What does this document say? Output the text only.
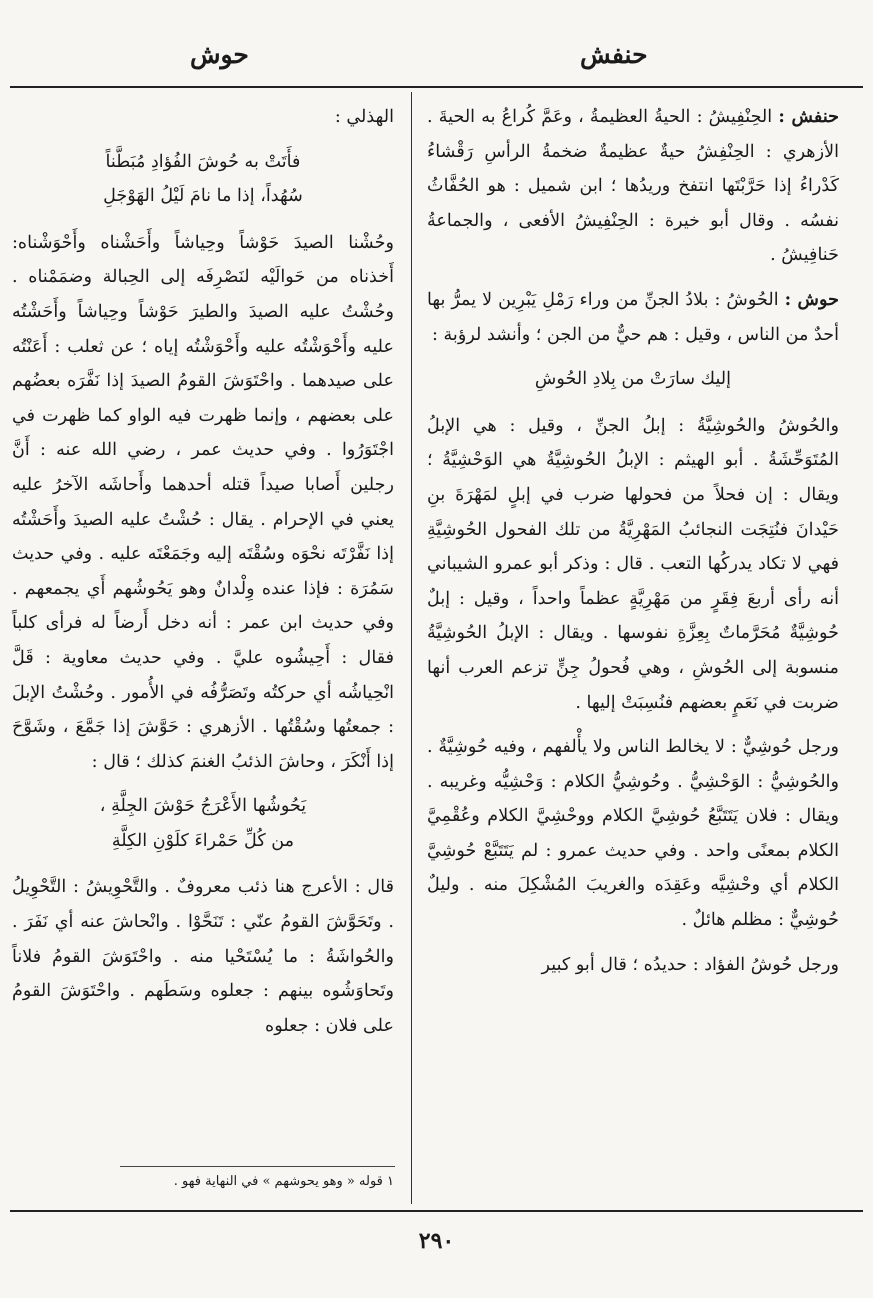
حنفش
حوش

حنفش : الحِنْفِيشُ : الحيةُ العظيمةُ ، وعَمَّ كُراعُ به الحيةَ . الأزهري : الحِنْفِشُ حيةٌ عظيمةٌ ضخمةُ الرأسِ رَقْشاءُ كَدْراءُ إذا حَرَّبْتَها انتفخ وريدُها ؛ ابن شميل : هو الحُفَّاثُ نفسُه . وقال أبو خيرة : الحِنْفِيشُ الأفعى ، والجماعةُ حَنافِيشُ .

حوش : الحُوشُ : بلادُ الجنِّ من وراء رَمْلِ يَبْرِين لا يمرُّ بها أحدٌ من الناس ، وقيل : هم حيٌّ من الجن ؛ وأنشد لرؤبة :

إليك سارَتْ من بِلادِ الحُوشِ

والحُوشُ والحُوشِيَّةُ : إبلُ الجنِّ ، وقيل : هي الإبلُ المُتَوَحِّشَةُ . أبو الهيثم : الإبلُ الحُوشِيَّةُ هي الوَحْشِيَّةُ ؛ ويقال : إن فحلاً من فحولها ضرب في إبلٍ لمَهْرَةَ بنِ حَيْدانَ فنُتِجَت النجائبُ المَهْرِيَّةُ من تلك الفحول الحُوشِيَّةِ فهي لا تكاد يدركُها التعب . قال : وذكر أبو عمرو الشيباني أنه رأى أربعَ فِقَرٍ من مَهْرِيَّةٍ عظماً واحداً ، وقيل : إبلٌ حُوشِيَّةٌ مُحَرَّماتٌ بِعِزَّةِ نفوسها . ويقال : الإبلُ الحُوشِيَّةُ منسوبة إلى الحُوشِ ، وهي فُحولُ جِنٍّ تزعم العرب أنها ضربت في نَعَمٍ بعضهم فنُسِبَتْ إليها .

ورجل حُوشِيٌّ : لا يخالط الناس ولا يأْلفهم ، وفيه حُوشِيَّةٌ . والحُوشِيُّ : الوَحْشِيُّ . وحُوشِيُّ الكلام : وَحْشِيُّه وغريبه . ويقال : فلان يَتَتَبَّعُ حُوشِيَّ الكلام ووحْشِيَّ الكلام وعُقْمِيَّ الكلام بمعنًى واحد . وفي حديث عمرو : لم يَتَتَبَّعْ حُوشِيَّ الكلام أي وحْشِيَّه وعَقِدَه والغريبَ المُشْكِلَ منه . وليلٌ حُوشِيٌّ : مظلم هائلٌ .

ورجل حُوشُ الفؤاد : حديدُه ؛ قال أبو كبير

الهذلي :

فأَتَتْ به حُوشَ الفُؤادِ مُبَطَّناً
سُهُداً، إذا ما نامَ لَيْلُ الهَوْجَلِ

وحُشْنا الصيدَ حَوْشاً وحِياشاً وأَحَشْناه وأَحْوَشْناه: أَخذناه من حَوالَيْه لنَصْرِفَه إلى الحِبالة وضمَمْناه . وحُشْتُ عليه الصيدَ والطيرَ حَوْشاً وحِياشاً وأَحَشْتُه عليه وأَحْوَشْتُه عليه وأَحْوَشْتُه إياه ؛ عن ثعلب : أَعَنْتُه على صيدهما . واحْتَوَشَ القومُ الصيدَ إذا نَفَّرَه بعضُهم على بعضهم ، وإنما ظهرت فيه الواو كما ظهرت في اجْتَوَرُوا . وفي حديث عمر ، رضي الله عنه : أَنَّ رجلين أَصابا صيداً قتله أحدهما وأَحاشَه الآخرُ عليه يعني في الإحرام . يقال : حُشْتُ عليه الصيدَ وأَحَشْتُه إذا نَفَّرْتَه نحْوَه وسُقْتَه إليه وجَمَعْتَه عليه . وفي حديث سَمُرَة : فإذا عنده وِلْدانٌ وهو يَحُوشُهم أَي يجمعهم . وفي حديث ابن عمر : أنه دخل أَرضاً له فرأى كلباً فقال : أَحِيشُوه عليَّ . وفي حديث معاوية : قَلَّ انْحِياشُه أي حركتُه وتَصَرُّفُه في الأُمور . وحُشْتُ الإبلَ : جمعتُها وسُقْتُها . الأزهري : حَوَّشَ إذا جَمَّعَ ، وشَوَّحَ إذا أَنْكَرَ ، وحاشَ الذئبُ الغنمَ كذلك ؛ قال :

يَحُوشُها الأَعْرَجُ حَوْشَ الجِلَّةِ ،
من كُلِّ حَمْراءَ كلَوْنِ الكِلَّةِ

قال : الأعرج هنا ذئب معروفٌ . والتَّحْوِيشُ : التَّحْوِيلُ . وتَحَوَّشَ القومُ عنّي : تَنَحَّوْا . وانْحاشَ عنه أي نَفَرَ . والحُواشَةُ : ما يُسْتَحْيا منه . واحْتَوَشَ القومُ فلاناً وتَحاوَشُوه بينهم : جعلوه وسَطَهم . واحْتَوَشَ القومُ على فلان : جعلوه

١ قوله « وهو يحوشهم » في النهاية فهو .
٢٩٠
